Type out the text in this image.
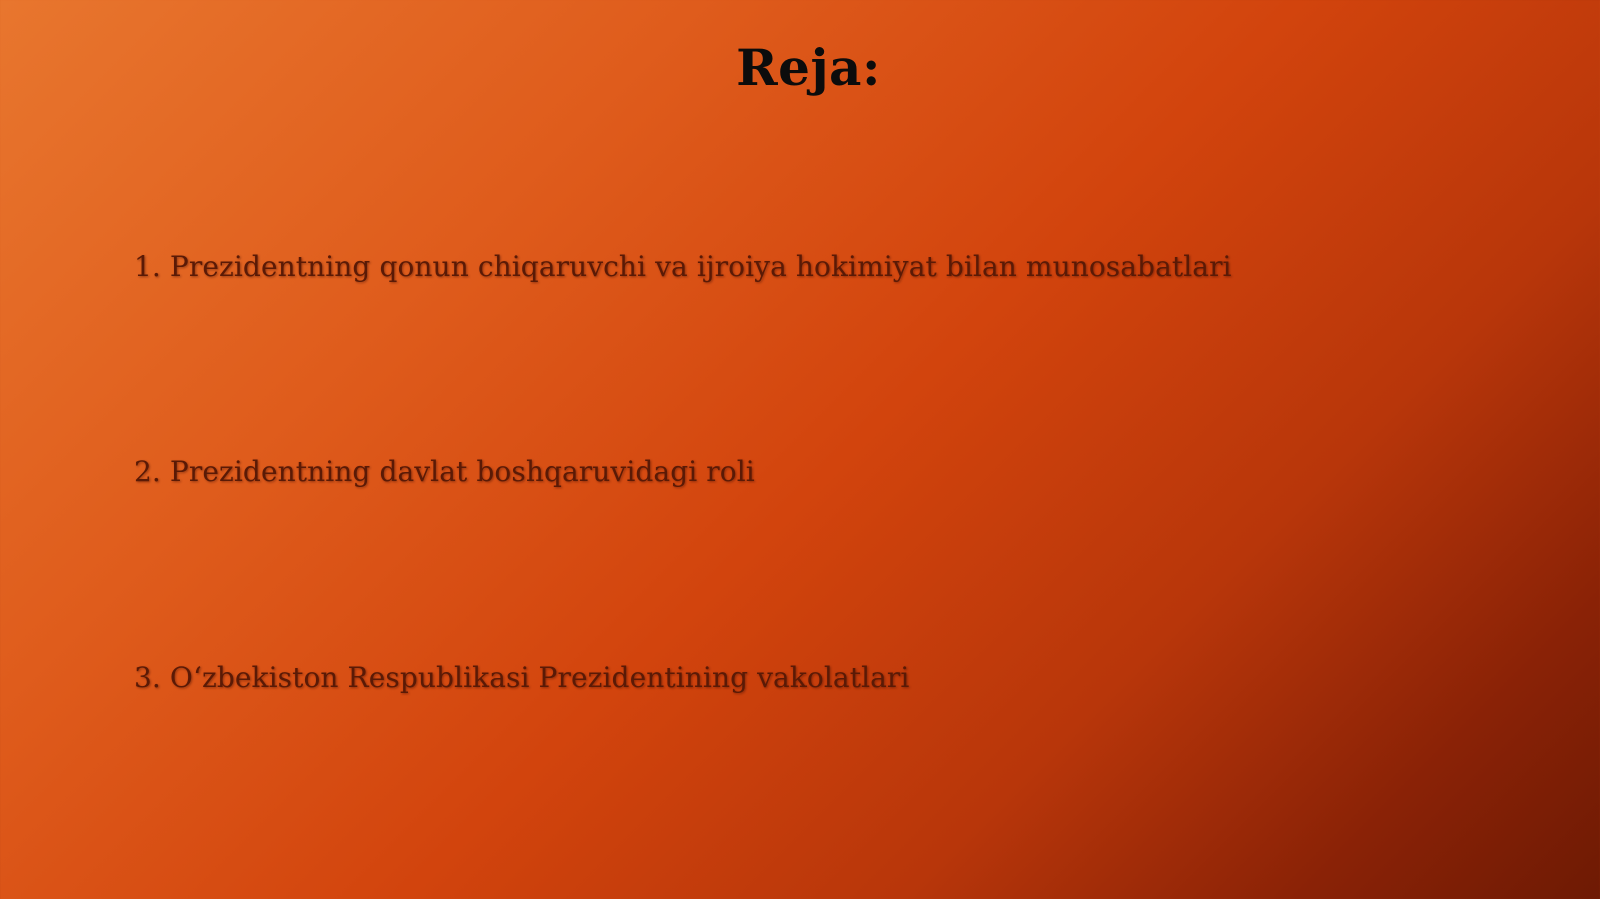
Reja:
1. Prezidentning qonun chiqaruvchi va ijroiya hokimiyat bilan munosabatlari
2. Prezidentning davlat boshqaruvidagi roli
3. O‘zbekiston Respublikasi Prezidentining vakolatlari
